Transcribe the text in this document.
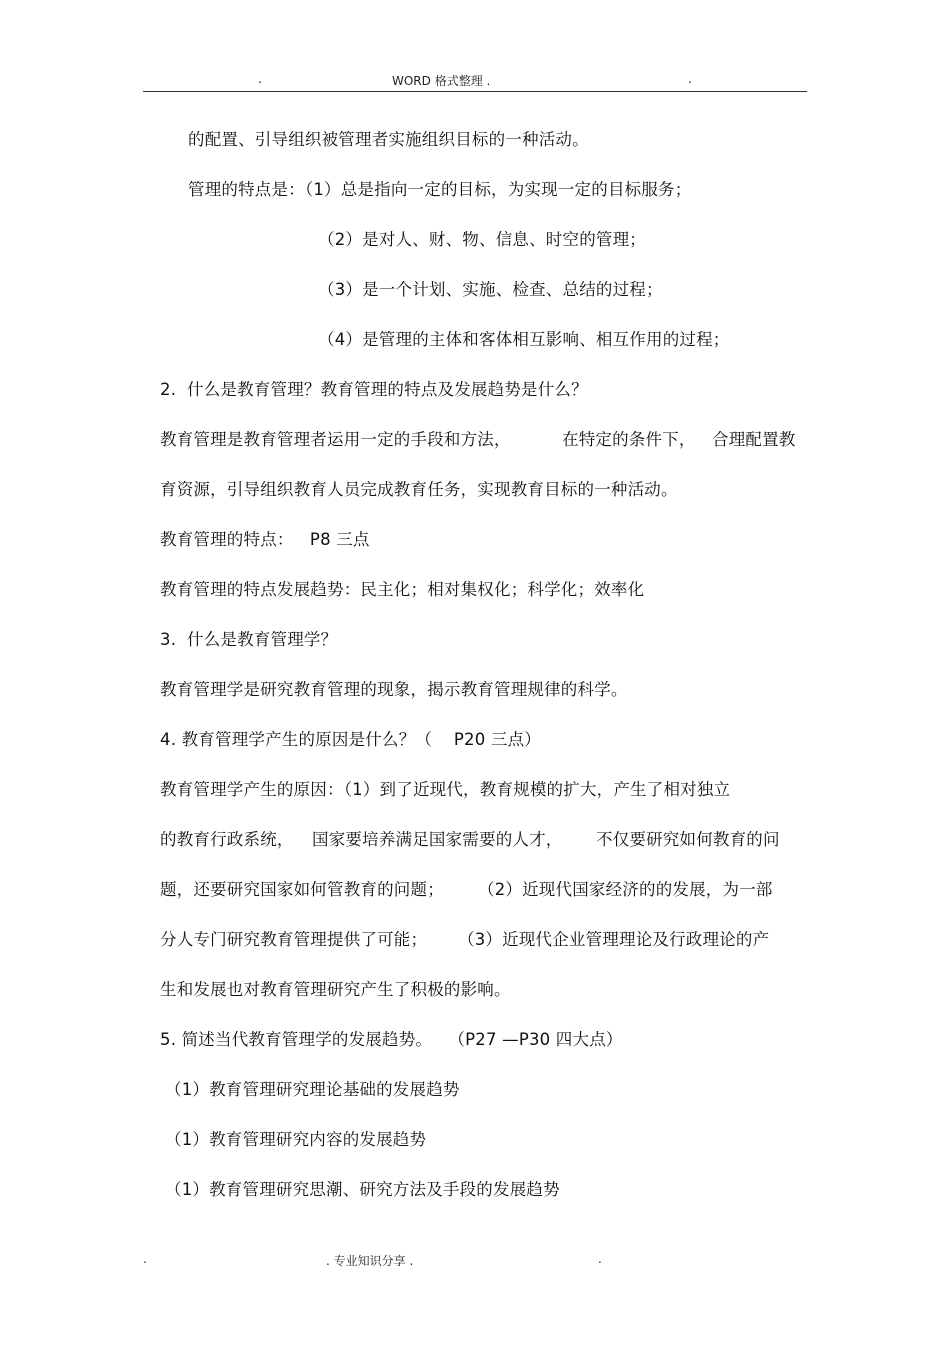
.	WORD 格式整理 .	.
的配置、引导组织被管理者实施组织目标的一种活动。
管理的特点是：（1）总是指向一定的目标，为实现一定的目标服务；
（2）是对人、财、物、信息、时空的管理；
（3）是一个计划、实施、检查、总结的过程；
（4）是管理的主体和客体相互影响、相互作用的过程；
2.  什么是教育管理？教育管理的特点及发展趋势是什么？
教育管理是教育管理者运用一定的手段和方法，	在特定的条件下， 合理配置教
育资源，引导组织教育人员完成教育任务，实现教育目标的一种活动。
教育管理的特点：   P8 三点
教育管理的特点发展趋势：民主化；相对集权化；科学化；效率化
3.  什么是教育管理学？
教育管理学是研究教育管理的现象，揭示教育管理规律的科学。
4. 教育管理学产生的原因是什么？（    P20 三点）
教育管理学产生的原因：（1）到了近现代，教育规模的扩大，产生了相对独立
的教育行政系统， 国家要培养满足国家需要的人才， 不仅要研究如何教育的问
题，还要研究国家如何管教育的问题； （2）近现代国家经济的的发展，为一部
分人专门研究教育管理提供了可能； （3）近现代企业管理理论及行政理论的产
生和发展也对教育管理研究产生了积极的影响。
5. 简述当代教育管理学的发展趋势。   （P27 —P30 四大点）
（1）教育管理研究理论基础的发展趋势
（1）教育管理研究内容的发展趋势
（1）教育管理研究思潮、研究方法及手段的发展趋势
.	. 专业知识分享 .	.
